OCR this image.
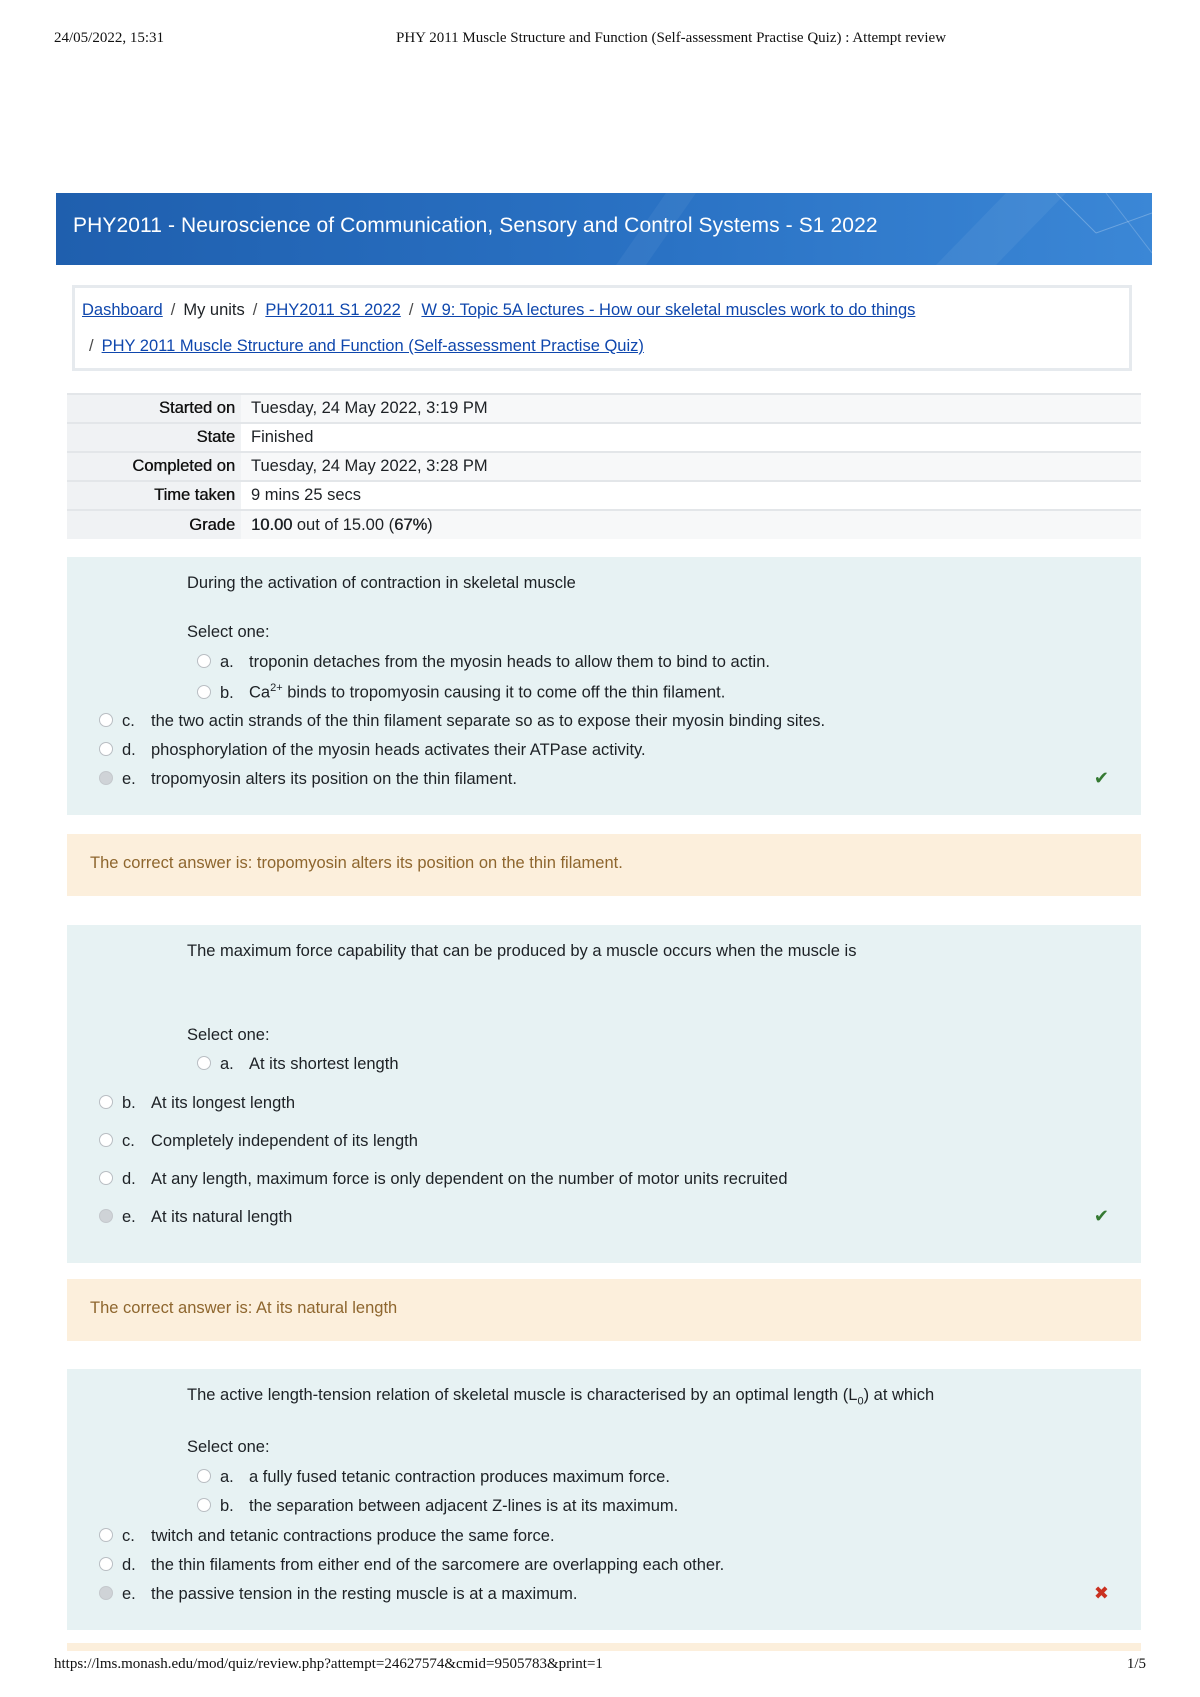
24/05/2022, 15:31	PHY 2011 Muscle Structure and Function (Self-assessment Practise Quiz) : Attempt review
PHY2011 - Neuroscience of Communication, Sensory and Control Systems - S1 2022
Dashboard / My units / PHY2011 S1 2022 / W 9: Topic 5A lectures - How our skeletal muscles work to do things
/ PHY 2011 Muscle Structure and Function (Self-assessment Practise Quiz)
Started on	Tuesday, 24 May 2022, 3:19 PM
State	Finished
Completed on	Tuesday, 24 May 2022, 3:28 PM
Time taken	9 mins 25 secs
Grade	10.00 out of 15.00 (67%)
During the activation of contraction in skeletal muscle
Select one:
a. troponin detaches from the myosin heads to allow them to bind to actin.
b. $Ca^{2+}$ binds to tropomyosin causing it to come off the thin filament.
c. the two actin strands of the thin filament separate so as to expose their myosin binding sites.
d. phosphorylation of the myosin heads activates their ATPase activity.
e. tropomyosin alters its position on the thin filament.	✔
The correct answer is: tropomyosin alters its position on the thin filament.
The maximum force capability that can be produced by a muscle occurs when the muscle is
Select one:
a. At its shortest length
b. At its longest length
c. Completely independent of its length
d. At any length, maximum force is only dependent on the number of motor units recruited
e. At its natural length	✔
The correct answer is: At its natural length
The active length-tension relation of skeletal muscle is characterised by an optimal length $(L_0)$ at which
Select one:
a. a fully fused tetanic contraction produces maximum force.
b. the separation between adjacent Z-lines is at its maximum.
c. twitch and tetanic contractions produce the same force.
d. the thin filaments from either end of the sarcomere are overlapping each other.
e. the passive tension in the resting muscle is at a maximum.	✖
https://lms.monash.edu/mod/quiz/review.php?attempt=24627574&cmid=9505783&print=1	1/5
